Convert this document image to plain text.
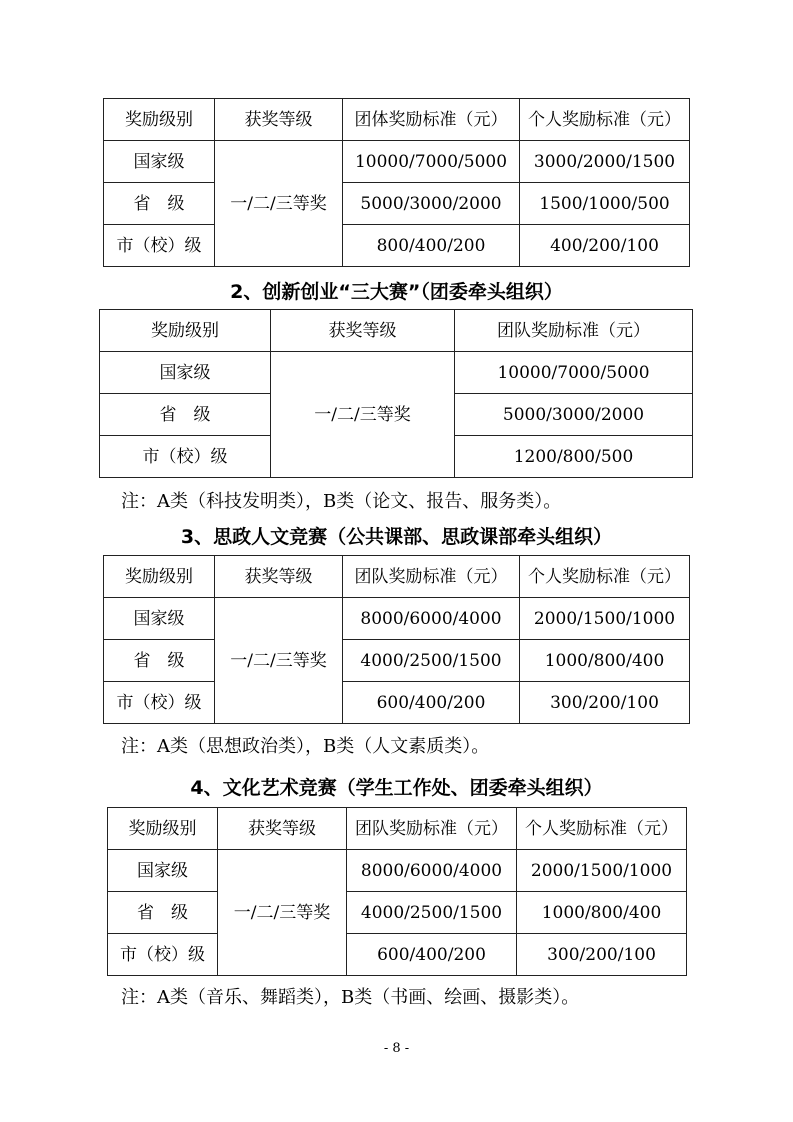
奖励级别	获奖等级	团体奖励标准（元）	个人奖励标准（元）
国家级	一/二/三等奖	10000/7000/5000	3000/2000/1500
省　级		5000/3000/2000	1500/1000/500
市（校）级		800/400/200	400/200/100
2、创新创业“三大赛”（团委牵头组织）
奖励级别	获奖等级	团队奖励标准（元）
国家级	一/二/三等奖	10000/7000/5000
省　级		5000/3000/2000
市（校）级		1200/800/500
注：A类（科技发明类），B类（论文、报告、服务类）。
3、思政人文竞赛（公共课部、思政课部牵头组织）
奖励级别	获奖等级	团队奖励标准（元）	个人奖励标准（元）
国家级	一/二/三等奖	8000/6000/4000	2000/1500/1000
省　级		4000/2500/1500	1000/800/400
市（校）级		600/400/200	300/200/100
注：A类（思想政治类），B类（人文素质类）。
4、文化艺术竞赛（学生工作处、团委牵头组织）
奖励级别	获奖等级	团队奖励标准（元）	个人奖励标准（元）
国家级	一/二/三等奖	8000/6000/4000	2000/1500/1000
省　级		4000/2500/1500	1000/800/400
市（校）级		600/400/200	300/200/100
注：A类（音乐、舞蹈类），B类（书画、绘画、摄影类）。
- 8 -
